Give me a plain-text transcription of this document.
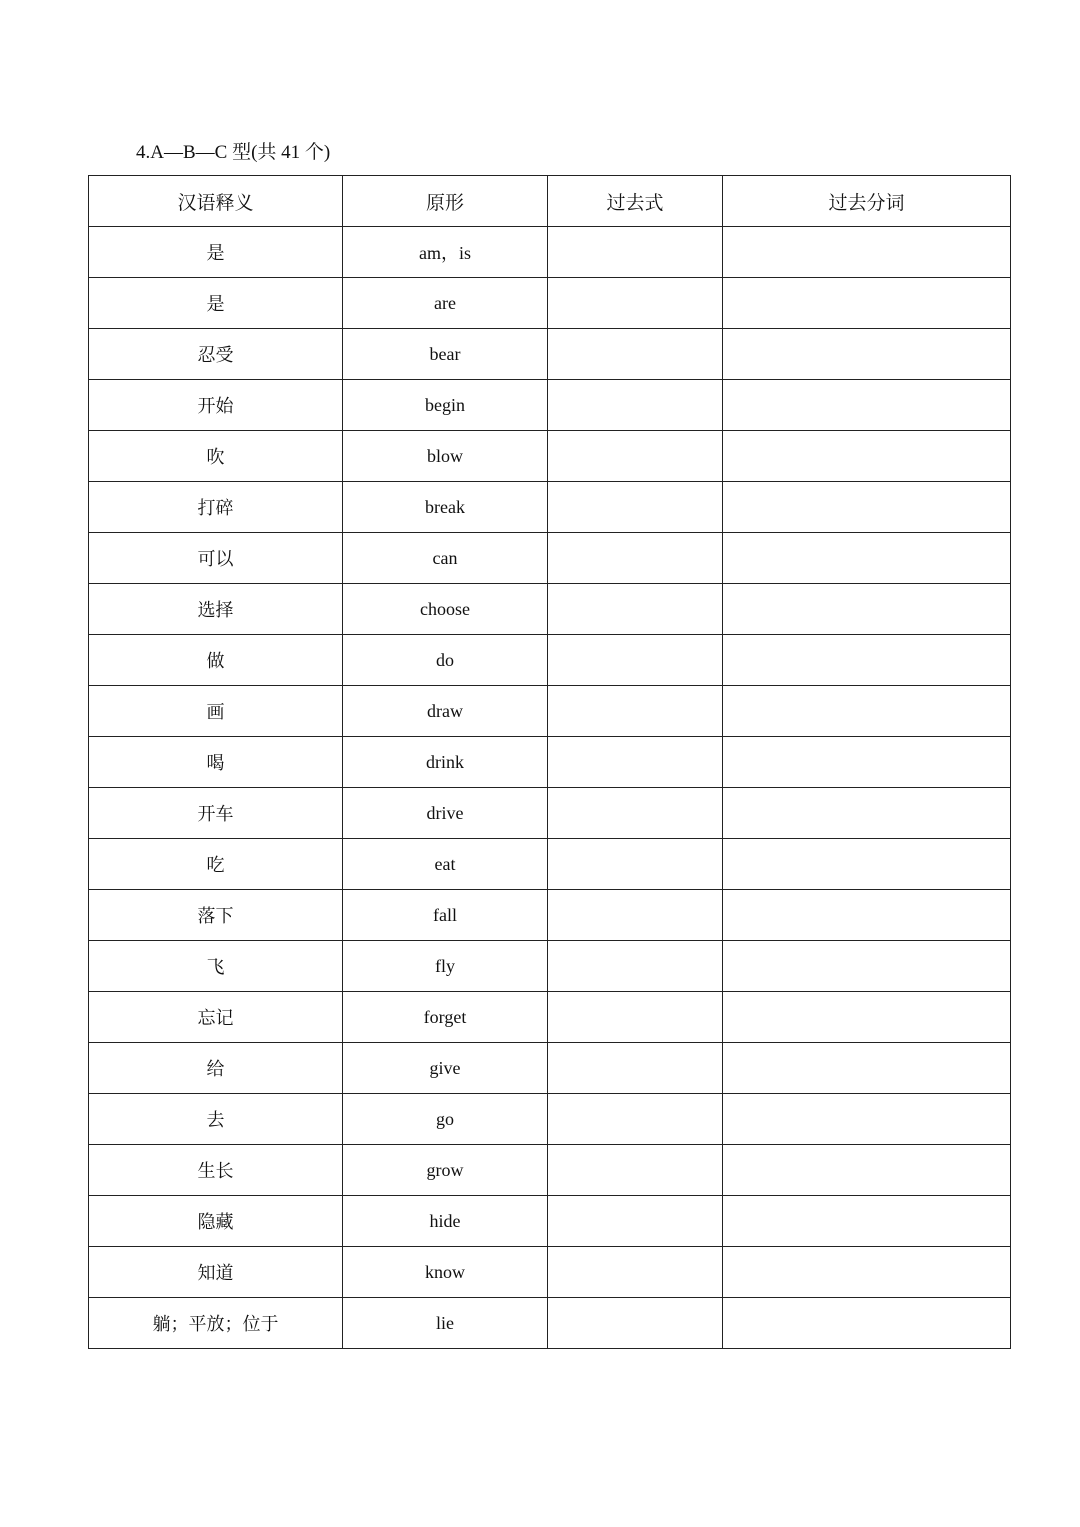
4.A—B—C 型(共 41 个)
汉语释义	原形	过去式	过去分词
是	am，is		
是	are		
忍受	bear		
开始	begin		
吹	blow		
打碎	break		
可以	can		
选择	choose		
做	do		
画	draw		
喝	drink		
开车	drive		
吃	eat		
落下	fall		
飞	fly		
忘记	forget		
给	give		
去	go		
生长	grow		
隐藏	hide		
知道	know		
躺；平放；位于	lie		
